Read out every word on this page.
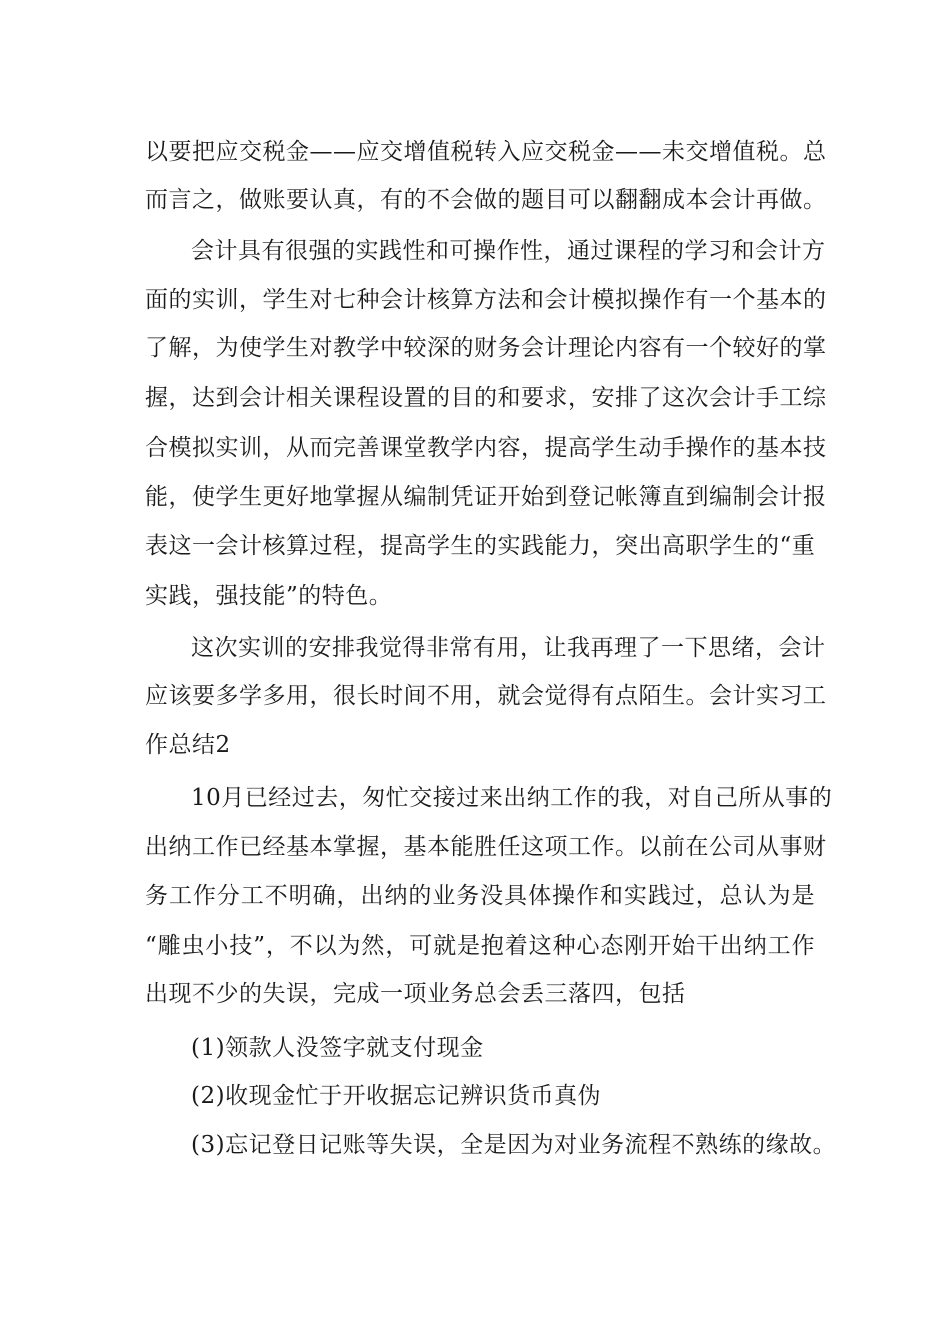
以要把应交税金——应交增值税转入应交税金——未交增值税。总
而言之，做账要认真，有的不会做的题目可以翻翻成本会计再做。
会计具有很强的实践性和可操作性，通过课程的学习和会计方
面的实训，学生对七种会计核算方法和会计模拟操作有一个基本的
了解，为使学生对教学中较深的财务会计理论内容有一个较好的掌
握，达到会计相关课程设置的目的和要求，安排了这次会计手工综
合模拟实训，从而完善课堂教学内容，提高学生动手操作的基本技
能，使学生更好地掌握从编制凭证开始到登记帐簿直到编制会计报
表这一会计核算过程，提高学生的实践能力，突出高职学生的“重
实践，强技能”的特色。
这次实训的安排我觉得非常有用，让我再理了一下思绪，会计
应该要多学多用，很长时间不用，就会觉得有点陌生。会计实习工
作总结2
10月已经过去，匆忙交接过来出纳工作的我，对自己所从事的
出纳工作已经基本掌握，基本能胜任这项工作。以前在公司从事财
务工作分工不明确，出纳的业务没具体操作和实践过，总认为是
“雕虫小技”，不以为然，可就是抱着这种心态刚开始干出纳工作
出现不少的失误，完成一项业务总会丢三落四，包括
(1)领款人没签字就支付现金
(2)收现金忙于开收据忘记辨识货币真伪
(3)忘记登日记账等失误，全是因为对业务流程不熟练的缘故。
